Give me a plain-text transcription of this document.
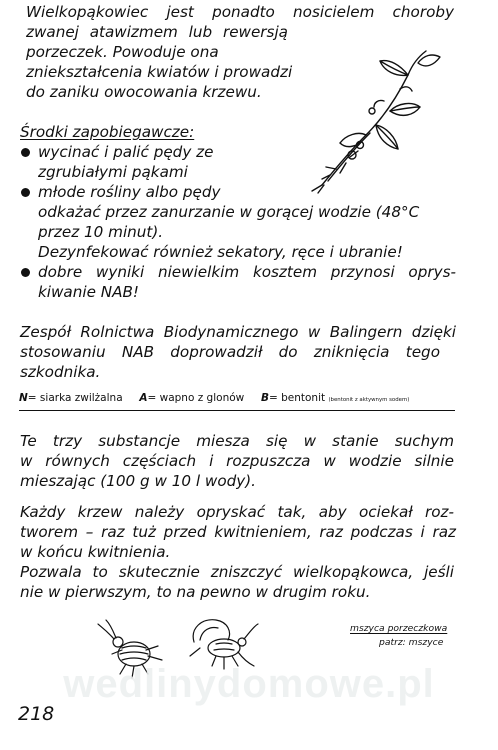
Wielkopąkowiec jest ponadto nosicielem choroby
zwanej atawizmem lub rewersją
porzeczek. Powoduje ona
zniekształcenia kwiatów i prowadzi
do zaniku owocowania krzewu.
Środki zapobiegawcze:
wycinać i palić pędy ze
zgrubiałymi pąkami
młode rośliny albo pędy
odkażać przez zanurzanie w gorącej wodzie (48°C
przez 10 minut).
Dezynfekować również sekatory, ręce i ubranie!
dobre wyniki niewielkim kosztem przynosi oprys-
kiwanie NAB!
Zespół Rolnictwa Biodynamicznego w Balingern dzięki
stosowaniu NAB doprowadził do zniknięcia tego
szkodnika.
N= siarka zwilżalna A= wapno z glonów B= bentonit (bentonit z aktywnym sodem)
Te trzy substancje miesza się w stanie suchym
w równych częściach i rozpuszcza w wodzie silnie
mieszając (100 g w 10 l wody).
Każdy krzew należy opryskać tak, aby ociekał roz-
tworem – raz tuż przed kwitnieniem, raz podczas i raz
w końcu kwitnienia.
Pozwala to skutecznie zniszczyć wielkopąkowca, jeśli
nie w pierwszym, to na pewno w drugim roku.
mszyca porzeczkowa
patrz: mszyce
wedlinydomowe.pl
218
